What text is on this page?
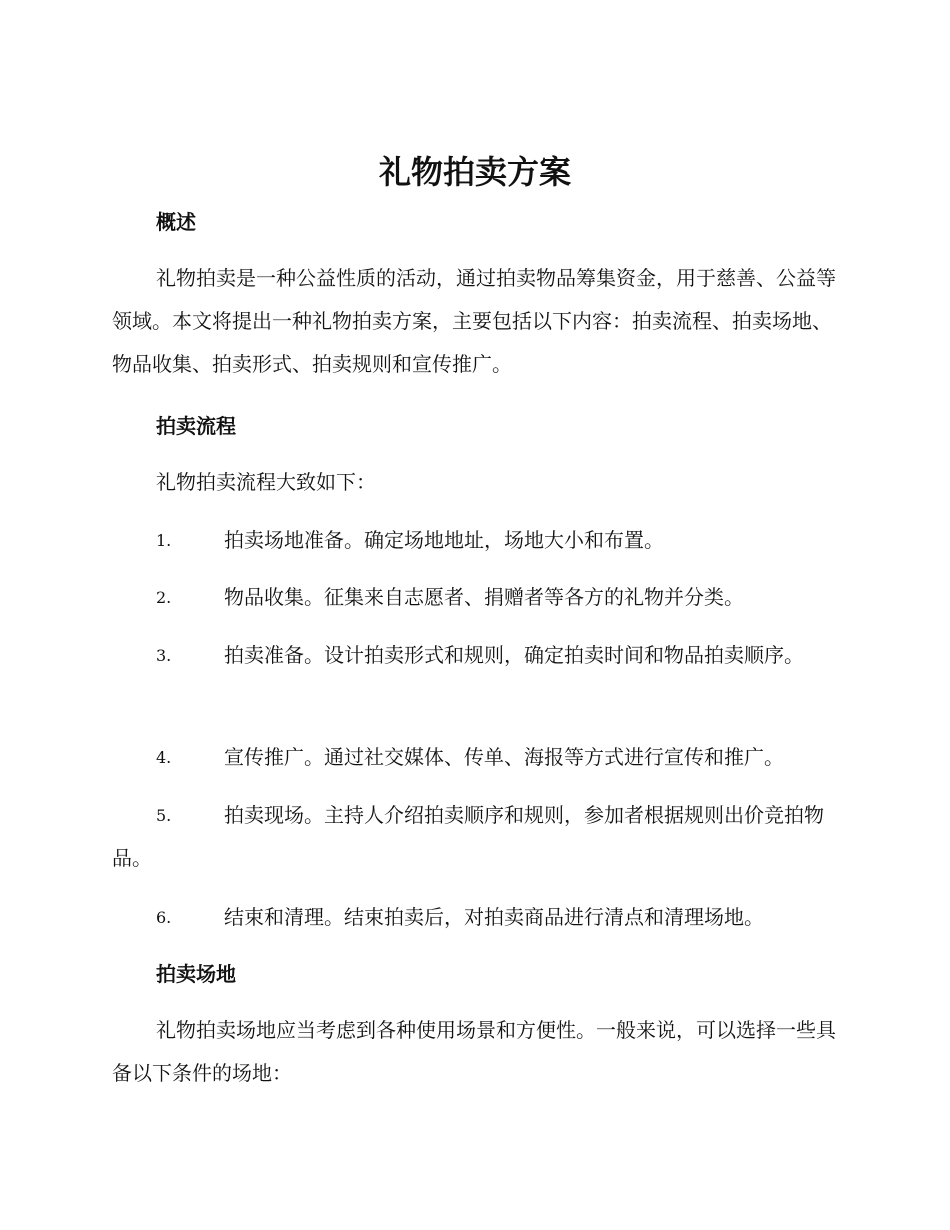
礼物拍卖方案
概述

礼物拍卖是一种公益性质的活动，通过拍卖物品筹集资金，用于慈善、公益等领域。本文将提出一种礼物拍卖方案，主要包括以下内容：拍卖流程、拍卖场地、物品收集、拍卖形式、拍卖规则和宣传推广。

拍卖流程

礼物拍卖流程大致如下：

1.	拍卖场地准备。确定场地地址，场地大小和布置。
2.	物品收集。征集来自志愿者、捐赠者等各方的礼物并分类。
3.	拍卖准备。设计拍卖形式和规则，确定拍卖时间和物品拍卖顺序。
4.	宣传推广。通过社交媒体、传单、海报等方式进行宣传和推广。
5.	拍卖现场。主持人介绍拍卖顺序和规则，参加者根据规则出价竞拍物品。
6.	结束和清理。结束拍卖后，对拍卖商品进行清点和清理场地。
拍卖场地

礼物拍卖场地应当考虑到各种使用场景和方便性。一般来说，可以选择一些具备以下条件的场地：
